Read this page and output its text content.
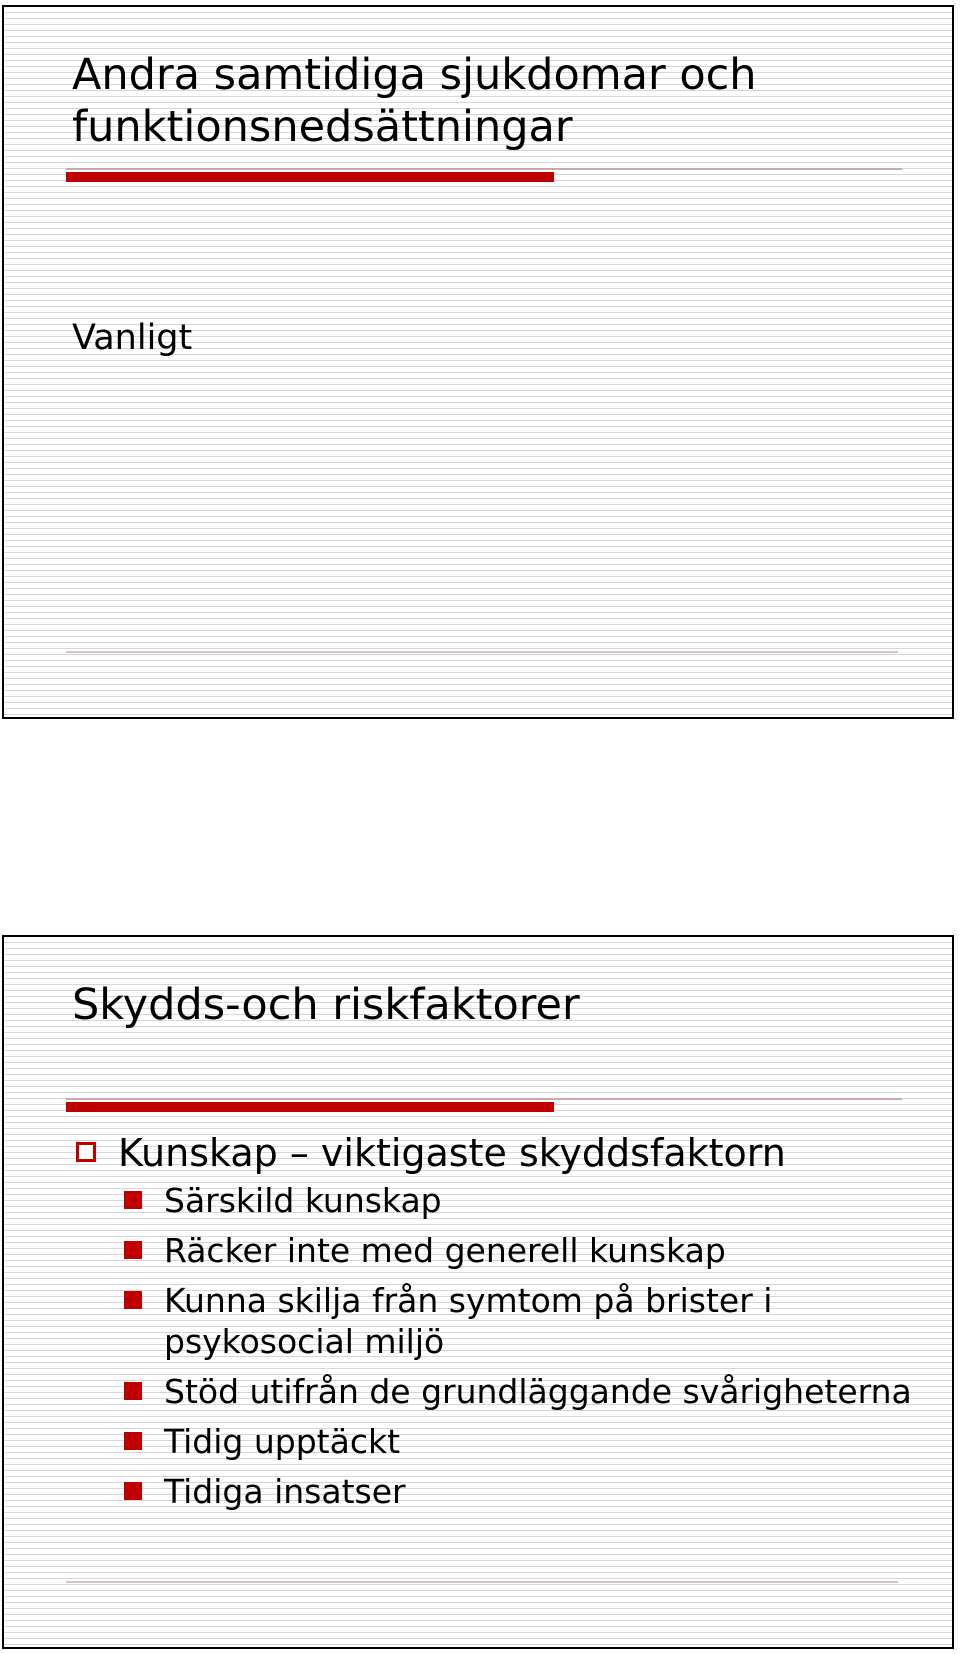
Andra samtidiga sjukdomar och
funktionsnedsättningar

Vanligt

Skydds-och riskfaktorer
Kunskap – viktigaste skyddsfaktorn
Särskild kunskap
Räcker inte med generell kunskap
Kunna skilja från symtom på brister i psykosocial miljö
Stöd utifrån de grundläggande svårigheterna
Tidig upptäckt
Tidiga insatser
